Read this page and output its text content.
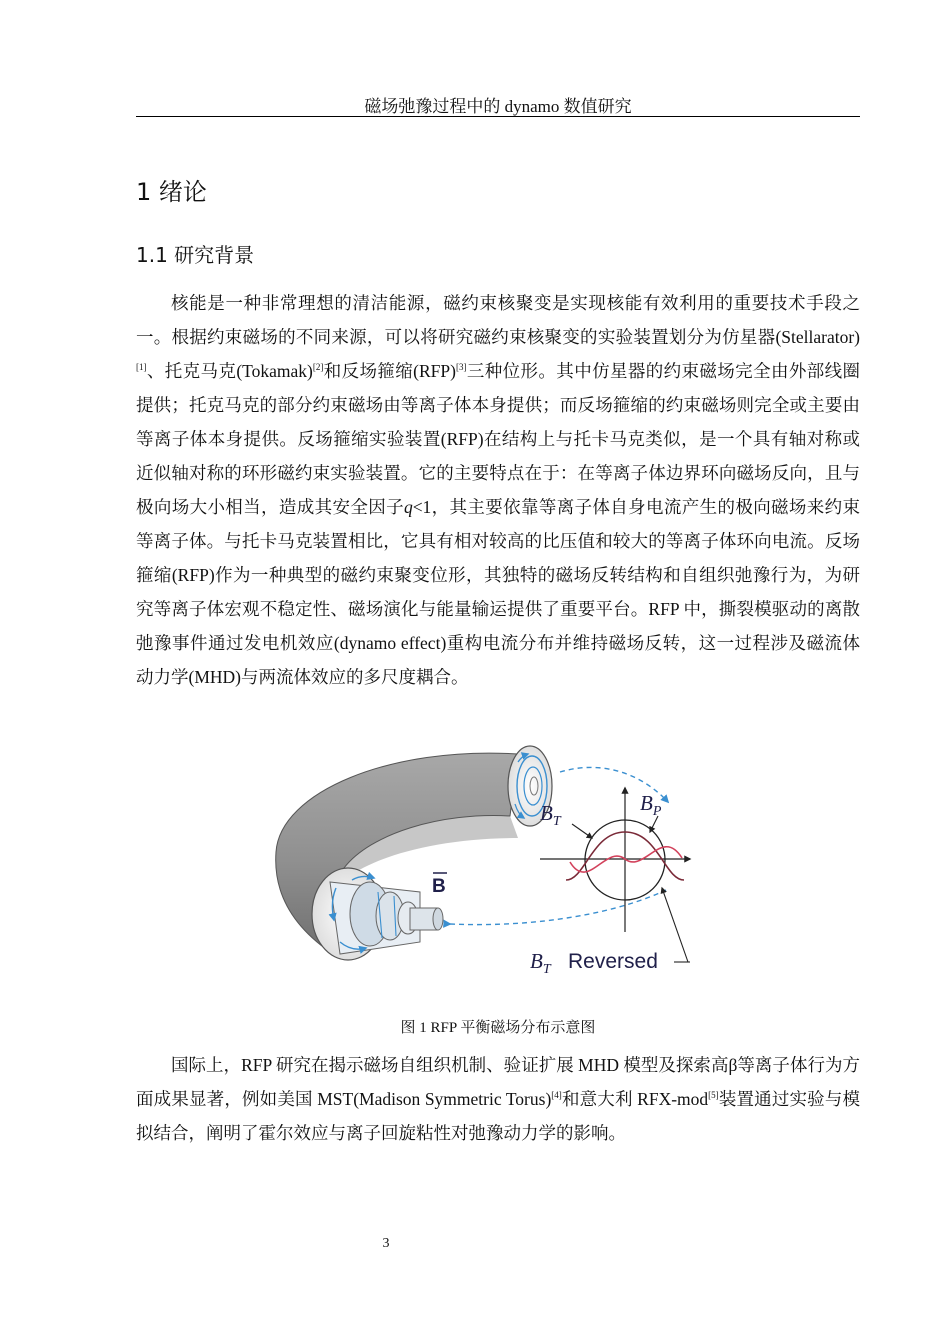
磁场弛豫过程中的 dynamo 数值研究
1 绪论
1.1 研究背景
核能是一种非常理想的清洁能源，磁约束核聚变是实现核能有效利用的重要技术手段之一。根据约束磁场的不同来源，可以将研究磁约束核聚变的实验装置划分为仿星器(Stellarator)[1]、托克马克(Tokamak)[2]和反场箍缩(RFP)[3]三种位形。其中仿星器的约束磁场完全由外部线圈提供；托克马克的部分约束磁场由等离子体本身提供；而反场箍缩的约束磁场则完全或主要由等离子体本身提供。反场箍缩实验装置(RFP)在结构上与托卡马克类似，是一个具有轴对称或近似轴对称的环形磁约束实验装置。它的主要特点在于：在等离子体边界环向磁场反向，且与极向场大小相当，造成其安全因子q<1，其主要依靠等离子体自身电流产生的极向磁场来约束等离子体。与托卡马克装置相比，它具有相对较高的比压值和较大的等离子体环向电流。反场箍缩(RFP)作为一种典型的磁约束聚变位形，其独特的磁场反转结构和自组织弛豫行为，为研究等离子体宏观不稳定性、磁场演化与能量输运提供了重要平台。RFP 中，撕裂模驱动的离散弛豫事件通过发电机效应(dynamo effect)重构电流分布并维持磁场反转，这一过程涉及磁流体动力学(MHD)与两流体效应的多尺度耦合。
B
$B_T$
$B_P$
$B_T$ Reversed
图 1 RFP 平衡磁场分布示意图
国际上，RFP 研究在揭示磁场自组织机制、验证扩展 MHD 模型及探索高β等离子体行为方面成果显著，例如美国 MST(Madison Symmetric Torus)[4]和意大利 RFX-mod[5]装置通过实验与模拟结合，阐明了霍尔效应与离子回旋粘性对弛豫动力学的影响。
3
